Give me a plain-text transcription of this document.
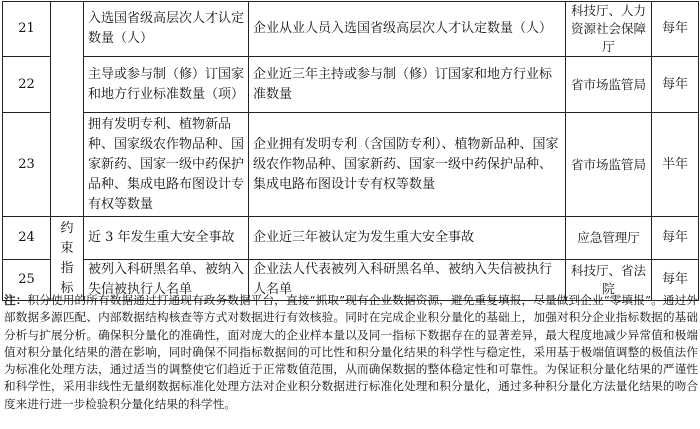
21		入选国省级高层次人才认定数量（人）	企业从业人员入选国省级高层次人才认定数量（人）	科技厅、人力资源社会保障厅	每年
22		主导或参与制（修）订国家和地方行业标准数量（项）	企业近三年主持或参与制（修）订国家和地方行业标准数量	省市场监管局	每年
23		拥有发明专利、植物新品种、国家级农作物品种、国家新药、国家一级中药保护品种、集成电路布图设计专有权等数量	企业拥有发明专利（含国防专利）、植物新品种、国家级农作物品种、国家新药、国家一级中药保护品种、集成电路布图设计专有权等数量	省市场监管局	半年
24	约束指标	近 3 年发生重大安全事故	企业近三年被认定为发生重大安全事故	应急管理厅	每年
25		被列入科研黑名单、被纳入失信被执行人名单	企业法人代表被列入科研黑名单、被纳入失信被执行人名单	科技厅、省法院	每年
注：积分使用的所有数据通过打通现有政务数据平台，直接“抓取”现有企业数据资源，避免重复填报，尽量做到企业“零填报”。通过外部数据多源匹配、内部数据结构核查等方式对数据进行有效核验。同时在完成企业积分量化的基础上，加强对积分企业指标数据的基础分析与扩展分析。确保积分量化的准确性，面对庞大的企业样本量以及同一指标下数据存在的显著差异，最大程度地减少异常值和极端值对积分量化结果的潜在影响，同时确保不同指标数据间的可比性和积分量化结果的科学性与稳定性，采用基于极端值调整的极值法作为标准化处理方法，通过适当的调整使它们趋近于正常数值范围，从而确保数据的整体稳定性和可靠性。为保证积分量化结果的严谨性和科学性，采用非线性无量纲数据标准化处理方法对企业积分数据进行标准化处理和积分量化，通过多种积分量化方法量化结果的吻合度来进行进一步检验积分量化结果的科学性。
